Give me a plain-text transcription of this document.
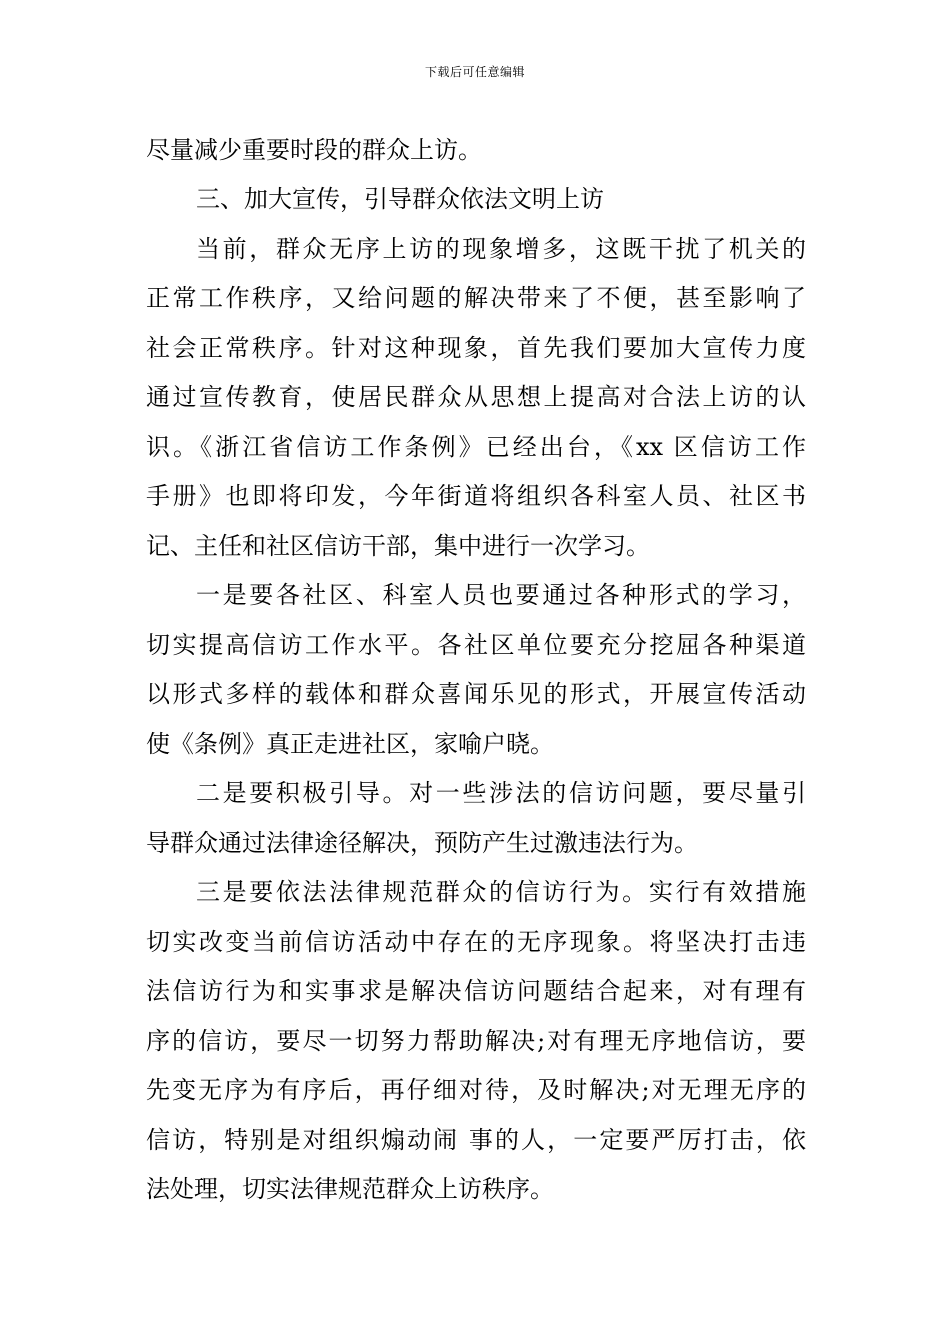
下载后可任意编辑

尽量减少重要时段的群众上访。

三、加大宣传，引导群众依法文明上访

当前，群众无序上访的现象增多，这既干扰了机关的

正常工作秩序，又给问题的解决带来了不便，甚至影响了

社会正常秩序。针对这种现象，首先我们要加大宣传力度

通过宣传教育，使居民群众从思想上提高对合法上访的认

识。《浙江省信访工作条例》已经出台，《xx 区信访工作

手册》也即将印发，今年街道将组织各科室人员、社区书

记、主任和社区信访干部，集中进行一次学习。

一是要各社区、科室人员也要通过各种形式的学习，

切实提高信访工作水平。各社区单位要充分挖屈各种渠道

以形式多样的载体和群众喜闻乐见的形式，开展宣传活动

使《条例》真正走进社区，家喻户晓。

二是要积极引导。对一些涉法的信访问题，要尽量引

导群众通过法律途径解决，预防产生过激违法行为。

三是要依法法律规范群众的信访行为。实行有效措施

切实改变当前信访活动中存在的无序现象。将坚决打击违

法信访行为和实事求是解决信访问题结合起来，对有理有

序的信访，要尽一切努力帮助解决;对有理无序地信访，要

先变无序为有序后，再仔细对待，及时解决;对无理无序的

信访，特别是对组织煽动闹 事的人，一定要严厉打击，依

法处理，切实法律规范群众上访秩序。
